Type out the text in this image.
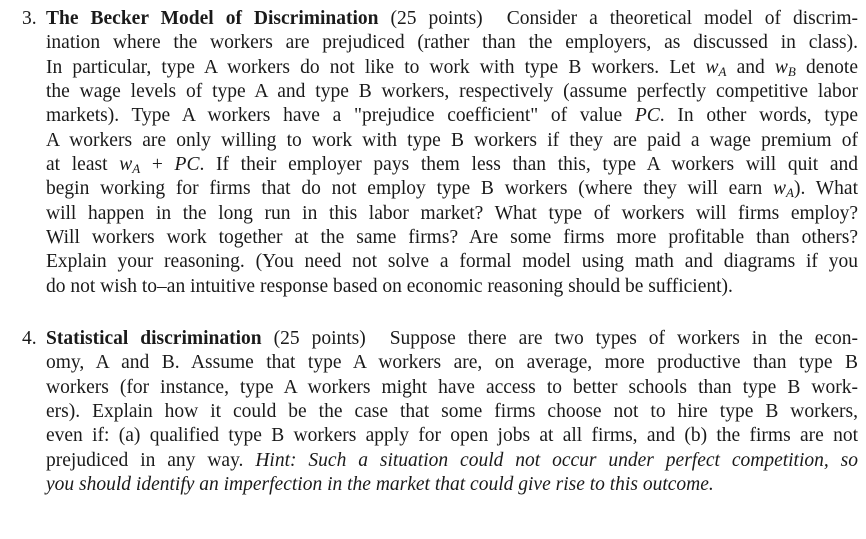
3. The Becker Model of Discrimination (25 points) Consider a theoretical model of discrim-
ination where the workers are prejudiced (rather than the employers, as discussed in class).
In particular, type A workers do not like to work with type B workers. Let $w_A$ and $w_B$ denote
the wage levels of type A and type B workers, respectively (assume perfectly competitive labor
markets). Type A workers have a "prejudice coefficient" of value PC. In other words, type
A workers are only willing to work with type B workers if they are paid a wage premium of
at least $w_A$ + PC. If their employer pays them less than this, type A workers will quit and
begin working for firms that do not employ type B workers (where they will earn $w_A$). What
will happen in the long run in this labor market? What type of workers will firms employ?
Will workers work together at the same firms? Are some firms more profitable than others?
Explain your reasoning. (You need not solve a formal model using math and diagrams if you
do not wish to–an intuitive response based on economic reasoning should be sufficient).
4. Statistical discrimination (25 points) Suppose there are two types of workers in the econ-
omy, A and B. Assume that type A workers are, on average, more productive than type B
workers (for instance, type A workers might have access to better schools than type B work-
ers). Explain how it could be the case that some firms choose not to hire type B workers,
even if: (a) qualified type B workers apply for open jobs at all firms, and (b) the firms are not
prejudiced in any way. Hint: Such a situation could not occur under perfect competition, so
you should identify an imperfection in the market that could give rise to this outcome.
